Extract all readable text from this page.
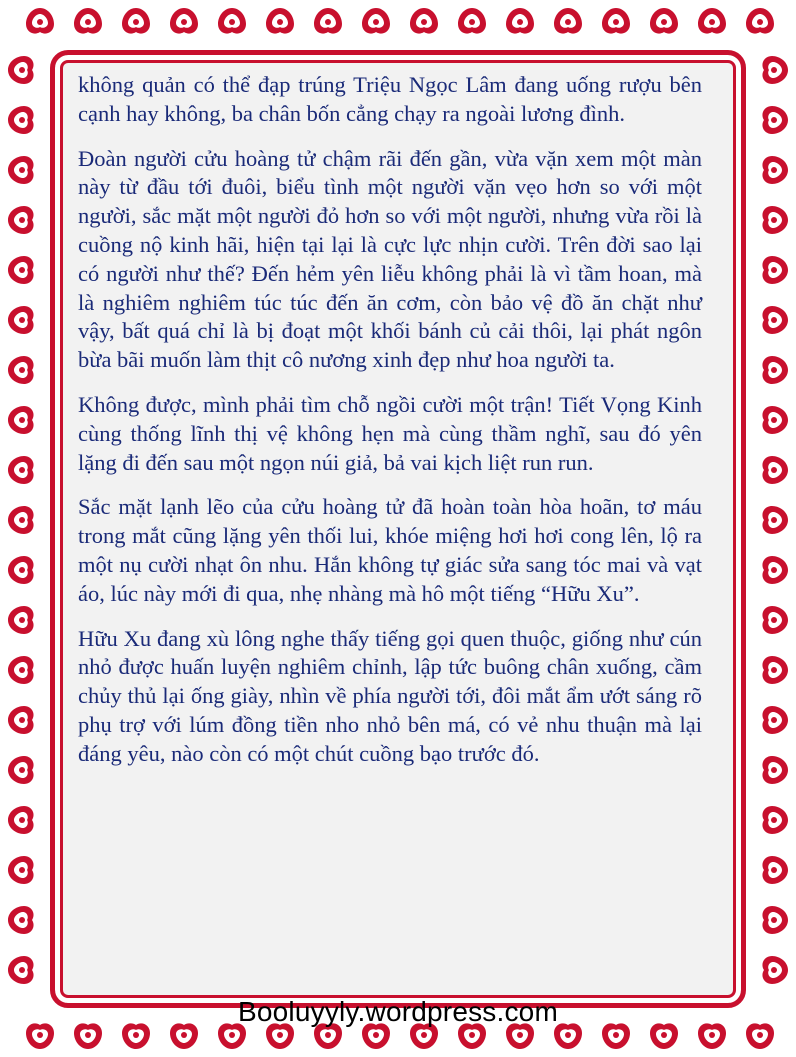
không quản có thể đạp trúng Triệu Ngọc Lâm đang uống rượu bên cạnh hay không, ba chân bốn cẳng chạy ra ngoài lương đình.

Đoàn người cửu hoàng tử chậm rãi đến gần, vừa vặn xem một màn này từ đầu tới đuôi, biểu tình một người vặn vẹo hơn so với một người, sắc mặt một người đỏ hơn so với một người, nhưng vừa rồi là cuồng nộ kinh hãi, hiện tại lại là cực lực nhịn cười. Trên đời sao lại có người như thế? Đến hẻm yên liễu không phải là vì tầm hoan, mà là nghiêm nghiêm túc túc đến ăn cơm, còn bảo vệ đồ ăn chặt như vậy, bất quá chỉ là bị đoạt một khối bánh củ cải thôi, lại phát ngôn bừa bãi muốn làm thịt cô nương xinh đẹp như hoa người ta.

Không được, mình phải tìm chỗ ngồi cười một trận! Tiết Vọng Kinh cùng thống lĩnh thị vệ không hẹn mà cùng thầm nghĩ, sau đó yên lặng đi đến sau một ngọn núi giả, bả vai kịch liệt run run.

Sắc mặt lạnh lẽo của cửu hoàng tử đã hoàn toàn hòa hoãn, tơ máu trong mắt cũng lặng yên thối lui, khóe miệng hơi hơi cong lên, lộ ra một nụ cười nhạt ôn nhu. Hắn không tự giác sửa sang tóc mai và vạt áo, lúc này mới đi qua, nhẹ nhàng mà hô một tiếng “Hữu Xu”.

Hữu Xu đang xù lông nghe thấy tiếng gọi quen thuộc, giống như cún nhỏ được huấn luyện nghiêm chỉnh, lập tức buông chân xuống, cầm chủy thủ lại ống giày, nhìn về phía người tới, đôi mắt ẩm ướt sáng rõ phụ trợ với lúm đồng tiền nho nhỏ bên má, có vẻ nhu thuận mà lại đáng yêu, nào còn có một chút cuồng bạo trước đó.

Booluyyly.wordpress.com
